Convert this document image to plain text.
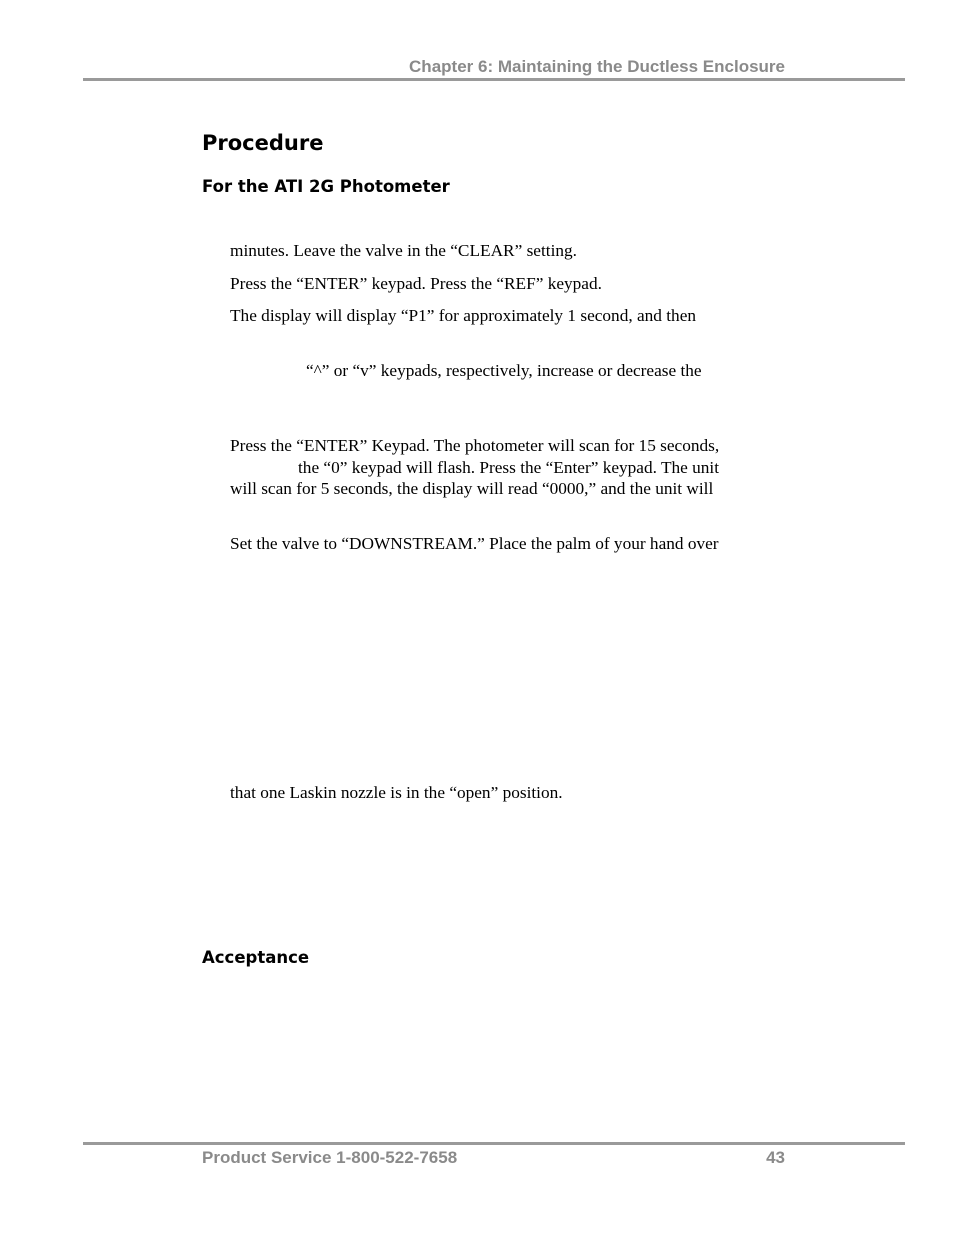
Chapter 6: Maintaining the Ductless Enclosure
Procedure
For the ATI 2G Photometer
minutes. Leave the valve in the “CLEAR” setting.
Press the “ENTER” keypad. Press the “REF” keypad.
The display will display “P1” for approximately 1 second, and then
“^” or “v” keypads, respectively, increase or decrease the
Press the “ENTER” Keypad. The photometer will scan for 15 seconds,
the “0” keypad will flash. Press the “Enter” keypad. The unit
will scan for 5 seconds, the display will read “0000,” and the unit will
Set the valve to “DOWNSTREAM.” Place the palm of your hand over
that one Laskin nozzle is in the “open” position.
Acceptance
Product Service 1-800-522-7658	43
